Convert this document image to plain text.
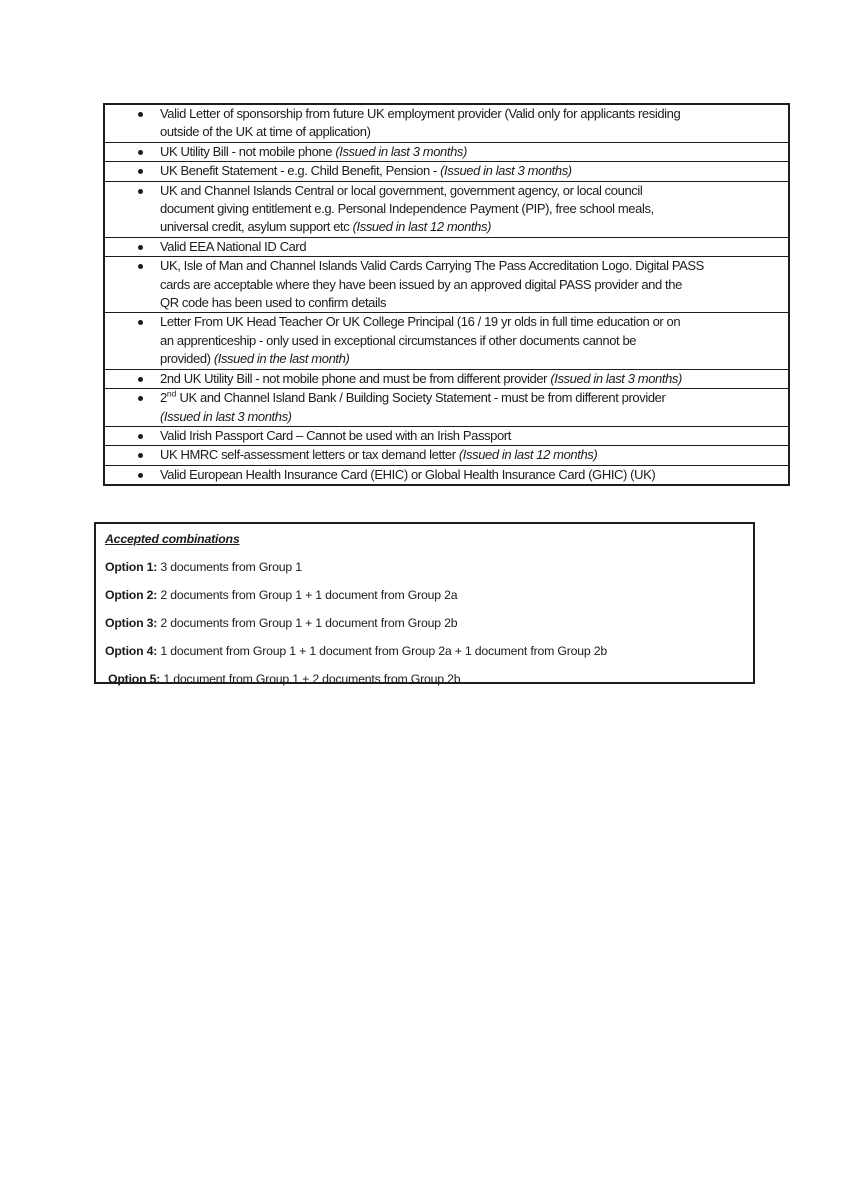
Valid Letter of sponsorship from future UK employment provider (Valid only for applicants residing
outside of the UK at time of application)
UK Utility Bill - not mobile phone (Issued in last 3 months)
UK Benefit Statement - e.g. Child Benefit, Pension - (Issued in last 3 months)
UK and Channel Islands Central or local government, government agency, or local council
document giving entitlement e.g. Personal Independence Payment (PIP), free school meals,
universal credit, asylum support etc (Issued in last 12 months)
Valid EEA National ID Card
UK, Isle of Man and Channel Islands Valid Cards Carrying The Pass Accreditation Logo. Digital PASS
cards are acceptable where they have been issued by an approved digital PASS provider and the
QR code has been used to confirm details
Letter From UK Head Teacher Or UK College Principal (16 / 19 yr olds in full time education or on
an apprenticeship - only used in exceptional circumstances if other documents cannot be
provided) (Issued in the last month)
2nd UK Utility Bill - not mobile phone and must be from different provider (Issued in last 3 months)
2nd UK and Channel Island Bank / Building Society Statement - must be from different provider
(Issued in last 3 months)
Valid Irish Passport Card – Cannot be used with an Irish Passport
UK HMRC self-assessment letters or tax demand letter (Issued in last 12 months)
Valid European Health Insurance Card (EHIC) or Global Health Insurance Card (GHIC) (UK)
Accepted combinations
Option 1: 3 documents from Group 1
Option 2: 2 documents from Group 1 + 1 document from Group 2a
Option 3: 2 documents from Group 1 + 1 document from Group 2b
Option 4: 1 document from Group 1 + 1 document from Group 2a + 1 document from Group 2b
Option 5: 1 document from Group 1 + 2 documents from Group 2b
